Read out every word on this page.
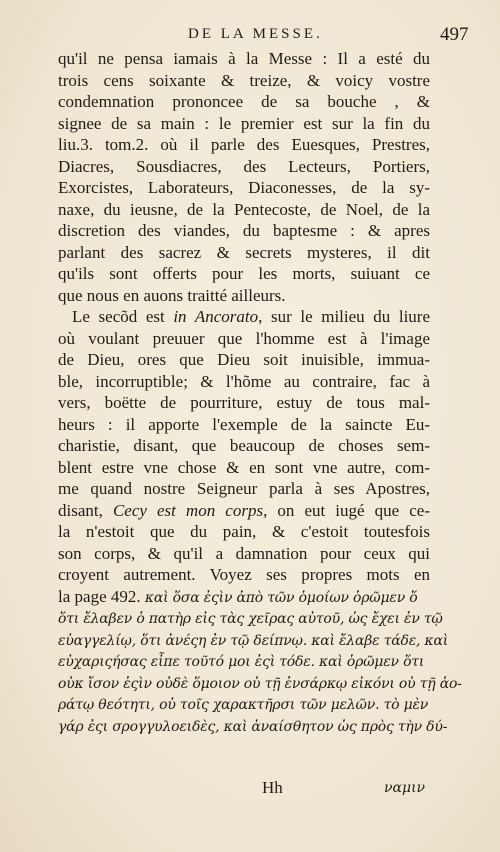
DE LA MESSE.	497
qu'il ne pensa iamais à la Messe : Il a esté du
trois cens soixante & treize, & voicy vostre
condemnation prononcee de sa bouche , &
signee de sa main : le premier est sur la fin du
liu.3. tom.2. où il parle des Euesques, Prestres,
Diacres, Sousdiacres, des Lecteurs, Portiers,
Exorcistes, Laborateurs, Diaconesses, de la sy-
naxe, du ieusne, de la Pentecoste, de Noel, de la
discretion des viandes, du baptesme : & apres
parlant des sacrez & secrets mysteres, il dit
qu'ils sont offerts pour les morts, suiuant ce
que nous en auons traitté ailleurs.
Le secõd est in Ancorato, sur le milieu du liure
où voulant preuuer que l'homme est à l'image
de Dieu, ores que Dieu soit inuisible, immua-
ble, incorruptible; & l'hõme au contraire, fac à
vers, boëtte de pourriture, estuy de tous mal-
heurs : il apporte l'exemple de la saincte Eu-
charistie, disant, que beaucoup de choses sem-
blent estre vne chose & en sont vne autre, com-
me quand nostre Seigneur parla à ses Apostres,
disant, Cecy est mon corps, on eut iugé que ce-
la n'estoit que du pain, & c'estoit toutesfois
son corps, & qu'il a damnation pour ceux qui
croyent autrement. Voyez ses propres mots en
la page 492. καὶ ὅσα ἐςὶν ἀπὸ τῶν ὁμοίων ὁρῶμεν ὅ
ὅτι ἔλαβεν ὁ πατὴρ εἰς τὰς χεῖρας αὐτοῦ, ὡς ἔχει ἐν τῷ
εὐαγγελίῳ, ὅτι ἀνέςη ἐν τῷ δείπνῳ. καὶ ἔλαβε τάδε, καὶ
εὐχαριςήσας εἶπε τοῦτό μοι ἐςὶ τόδε. καὶ ὁρῶμεν ὅτι
οὐκ ἴσον ἐςὶν οὐδὲ ὅμοιον οὐ τῇ ἐνσάρκῳ εἰκόνι οὐ τῇ ἀο-
ράτῳ θεότητι, οὐ τοῖς χαρακτῆρσι τῶν μελῶν. τὸ μὲν
γάρ ἐςι σρογγυλοειδὲς, καὶ ἀναίσθητον ὡς πρὸς τὴν δύ-
Hh	ναμιν
